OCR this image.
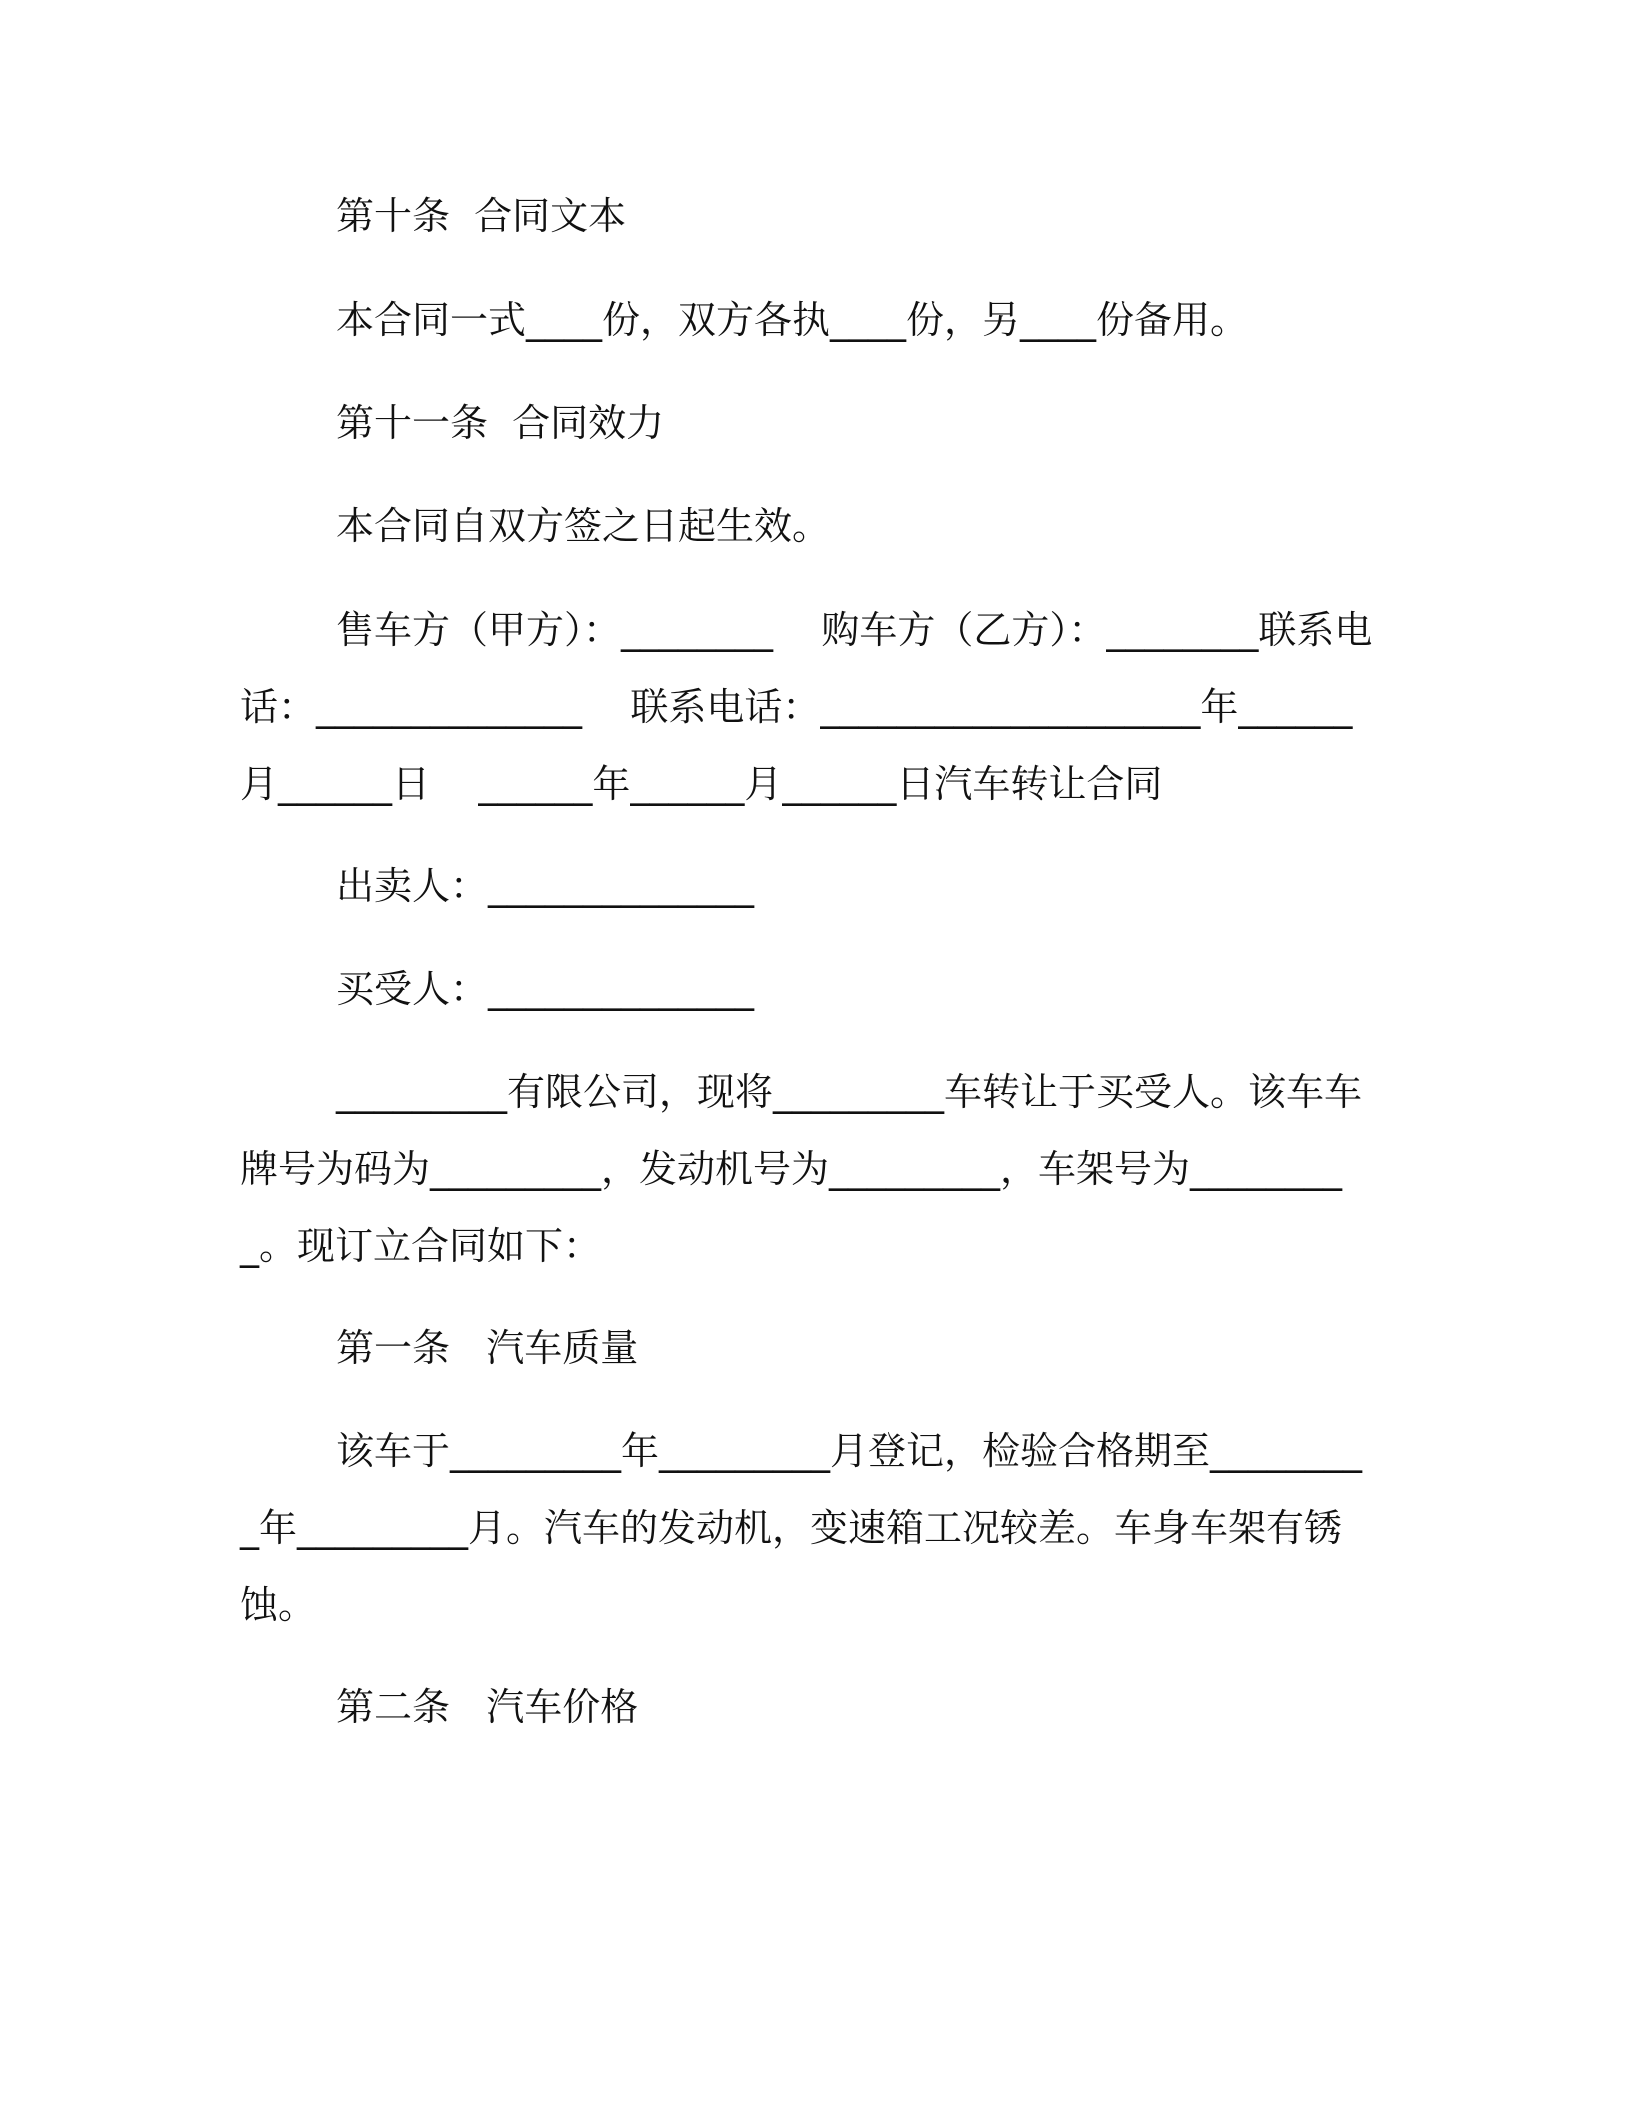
第十条  合同文本

本合同一式____份，双方各执____份，另____份备用。

第十一条  合同效力

本合同自双方签之日起生效。

售车方（甲方）：________    购车方（乙方）：________联系电话：______________    联系电话：____________________年______月______日    ______年______月______日汽车转让合同

出卖人：______________

买受人：______________

_________有限公司，现将_________车转让于买受人。该车车牌号为码为_________，发动机号为_________，车架号为_________。现订立合同如下：

第一条   汽车质量

该车于_________年_________月登记，检验合格期至_________年_________月。汽车的发动机，变速箱工况较差。车身车架有锈蚀。

第二条   汽车价格
